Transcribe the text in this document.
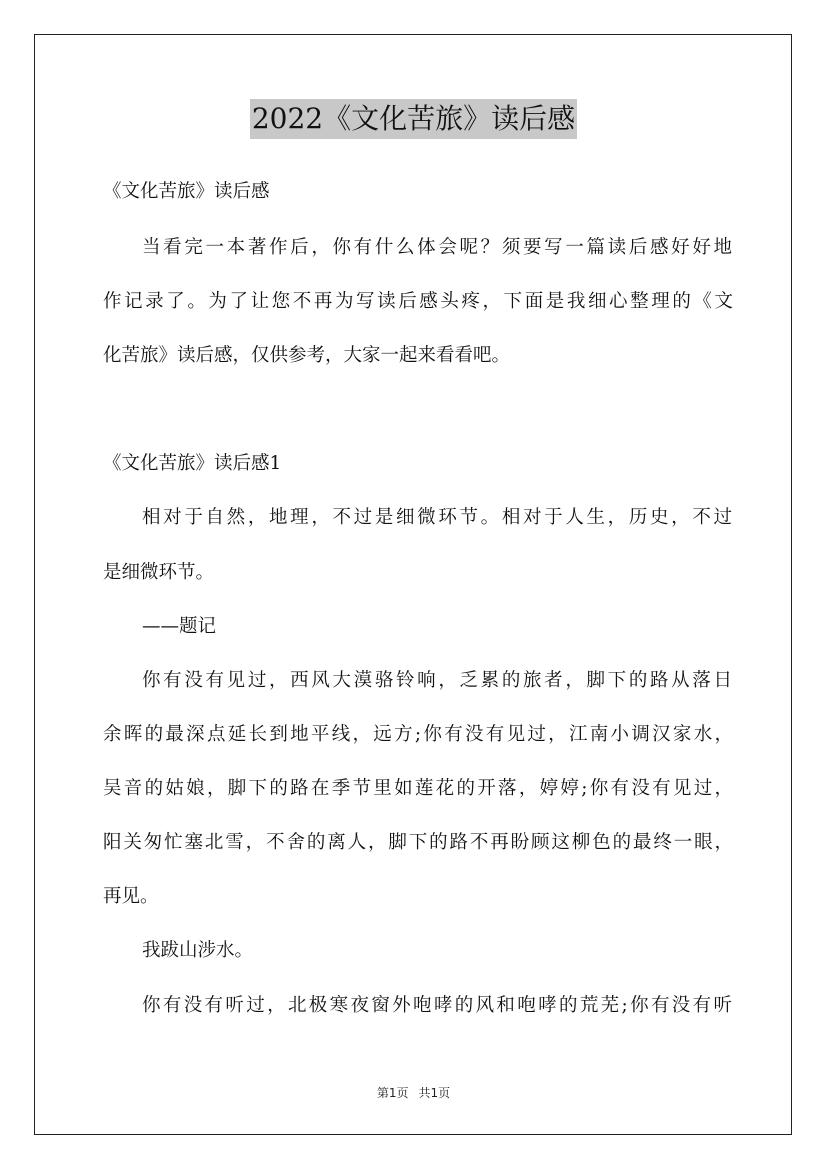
2022《文化苦旅》读后感
《文化苦旅》读后感
当看完一本著作后，你有什么体会呢？须要写一篇读后感好好地
作记录了。为了让您不再为写读后感头疼，下面是我细心整理的《文
化苦旅》读后感，仅供参考，大家一起来看看吧。
《文化苦旅》读后感1
相对于自然，地理，不过是细微环节。相对于人生，历史，不过
是细微环节。
——题记
你有没有见过，西风大漠骆铃响，乏累的旅者，脚下的路从落日
余晖的最深点延长到地平线，远方;你有没有见过，江南小调汉家水，
吴音的姑娘，脚下的路在季节里如莲花的开落，婷婷;你有没有见过，
阳关匆忙塞北雪，不舍的离人，脚下的路不再盼顾这柳色的最终一眼，
再见。
我跋山涉水。
你有没有听过，北极寒夜窗外咆哮的风和咆哮的荒芜;你有没有听
第1页 共1页
